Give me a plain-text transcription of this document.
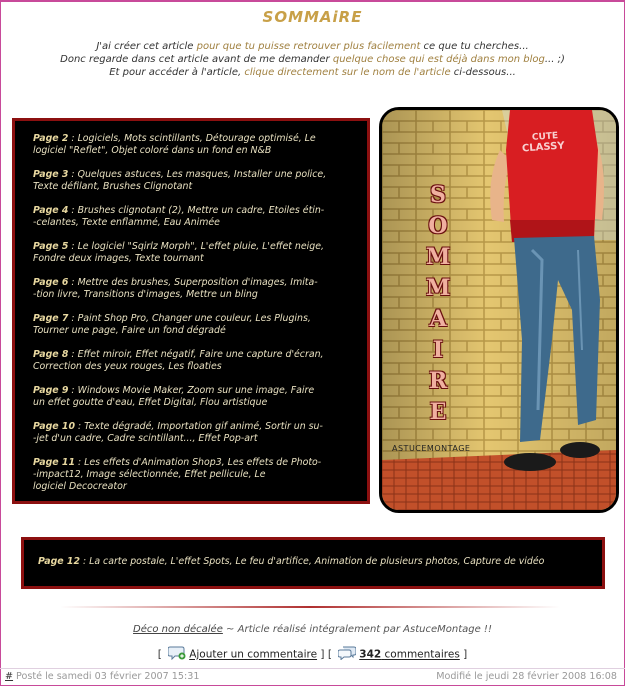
SOMMAiRE
J'ai créer cet article pour que tu puisse retrouver plus facilement ce que tu cherches...
Donc regarde dans cet article avant de me demander quelque chose qui est déjà dans mon blog... ;)
Et pour accéder à l'article, clique directement sur le nom de l'article ci-dessous...
Page 2 : Logiciels, Mots scintillants, Détourage optimisé, Le
logiciel "Reflet", Objet coloré dans un fond en N&B
Page 3 : Quelques astuces, Les masques, Installer une police,
Texte défilant, Brushes Clignotant
Page 4 : Brushes clignotant (2), Mettre un cadre, Etoiles étin-
-celantes, Texte enflammé, Eau Animée
Page 5 : Le logiciel "Sqirlz Morph", L'effet pluie, L'effet neige,
Fondre deux images, Texte tournant
Page 6 : Mettre des brushes, Superposition d'images, Imita-
-tion livre, Transitions d'images, Mettre un bling
Page 7 : Paint Shop Pro, Changer une couleur, Les Plugins,
Tourner une page, Faire un fond dégradé
Page 8 : Effet miroir, Effet négatif, Faire une capture d'écran,
Correction des yeux rouges, Les floaties
Page 9 : Windows Movie Maker, Zoom sur une image, Faire
un effet goutte d'eau, Effet Digital, Flou artistique
Page 10 : Texte dégradé, Importation gif animé, Sortir un su-
-jet d'un cadre, Cadre scintillant..., Effet Pop-art
Page 11 : Les effets d'Animation Shop3, Les effets de Photo-
-impact12, Image sélectionnée, Effet pellicule, Le
logiciel Decocreator
ASTUCEMONTAGE
CUTE
CLASSY
S
O
M
M
A
I
R
E
Page 12 : La carte postale, L'effet Spots, Le feu d'artifice, Animation de plusieurs photos, Capture de vidéo
Déco non décalée ~ Article réalisé intégralement par AstuceMontage !!
[	Ajouter un commentaire ] [	342 commentaires ]
# Posté le samedi 03 février 2007 15:31	Modifié le jeudi 28 février 2008 16:08
